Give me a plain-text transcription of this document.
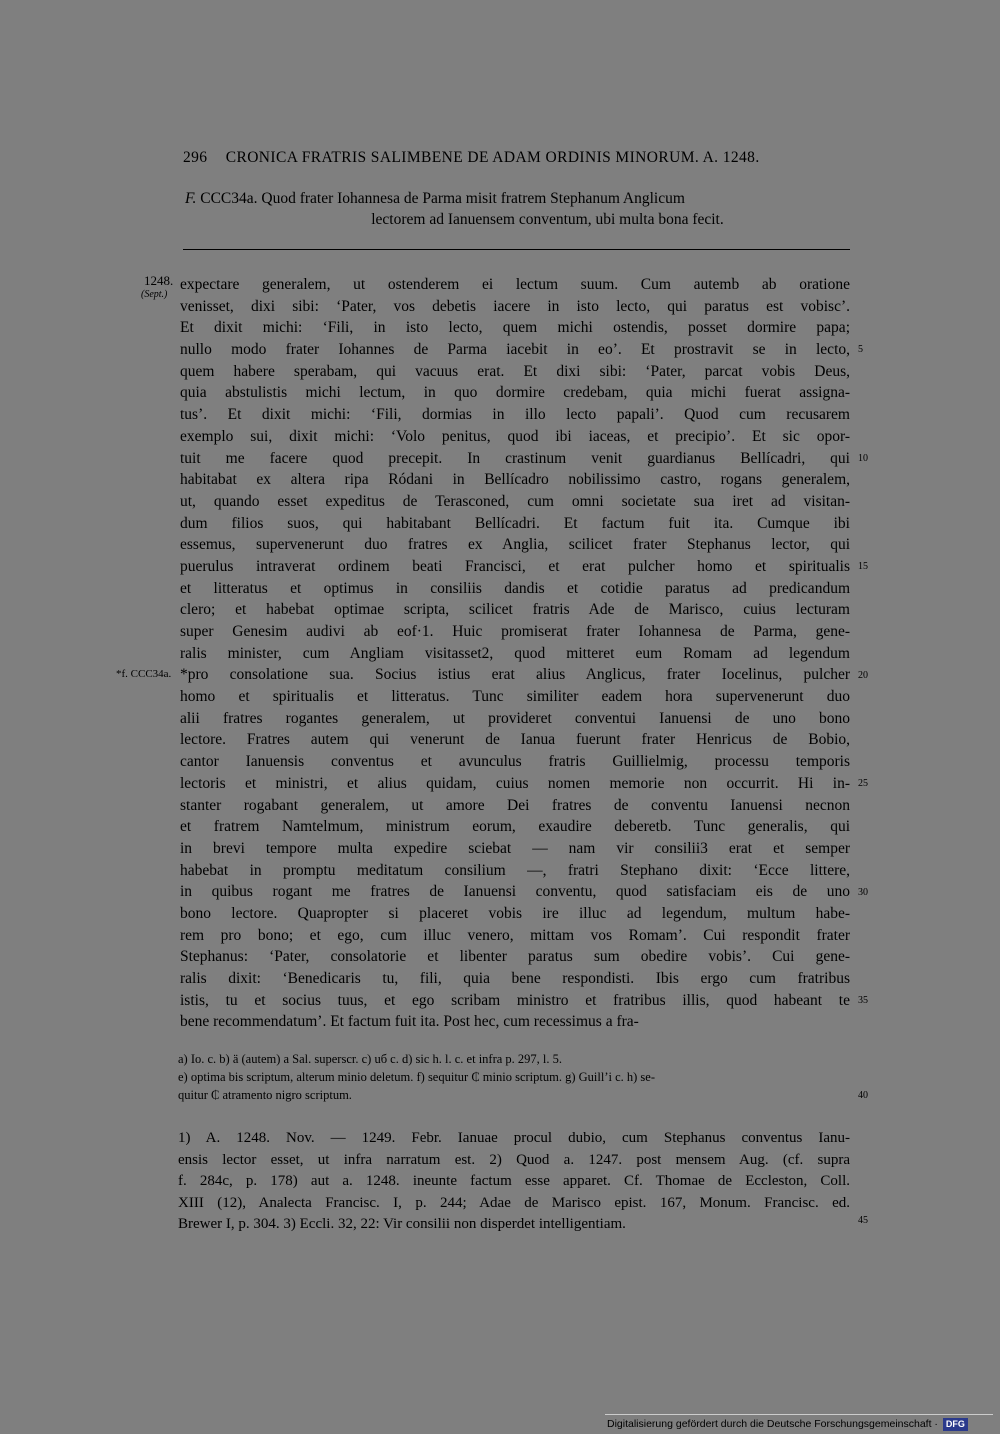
296 CRONICA FRATRIS SALIMBENE DE ADAM ORDINIS MINORUM. A. 1248.
F. CCC34a. Quod frater Iohannesa de Parma misit fratrem Stephanum Anglicum
lectorem ad Ianuensem conventum, ubi multa bona fecit.
1248.
(Sept.)
*f. CCC34a.
expectare generalem, ut ostenderem ei lectum suum. Cum autemb ab oratione
venisset, dixi sibi: ‘Pater, vos debetis iacere in isto lecto, qui paratus est vobisc’.
Et dixit michi: ‘Fili, in isto lecto, quem michi ostendis, posset dormire papa;
nullo modo frater Iohannes de Parma iacebit in eo’. Et prostravit se in lecto,
quem habere sperabam, qui vacuus erat. Et dixi sibi: ‘Pater, parcat vobis Deus,
quia abstulistis michi lectum, in quo dormire credebam, quia michi fuerat assigna-
tus’. Et dixit michi: ‘Fili, dormias in illo lecto papali’. Quod cum recusarem
exemplo sui, dixit michi: ‘Volo penitus, quod ibi iaceas, et precipio’. Et sic opor-
tuit me facere quod precepit. In crastinum venit guardianus Bellícadri, qui
habitabat ex altera ripa Ródani in Bellícadro nobilissimo castro, rogans generalem,
ut, quando esset expeditus de Terasconed, cum omni societate sua iret ad visitan-
dum filios suos, qui habitabant Bellícadri. Et factum fuit ita. Cumque ibi
essemus, supervenerunt duo fratres ex Anglia, scilicet frater Stephanus lector, qui
puerulus intraverat ordinem beati Francisci, et erat pulcher homo et spiritualis
et litteratus et optimus in consiliis dandis et cotidie paratus ad predicandum
clero; et habebat optimae scripta, scilicet fratris Ade de Marisco, cuius lecturam
super Genesim audivi ab eof·1. Huic promiserat frater Iohannesa de Parma, gene-
ralis minister, cum Angliam visitasset2, quod mitteret eum Romam ad legendum
*pro consolatione sua. Socius istius erat alius Anglicus, frater Iocelinus, pulcher
homo et spiritualis et litteratus. Tunc similiter eadem hora supervenerunt duo
alii fratres rogantes generalem, ut provideret conventui Ianuensi de uno bono
lectore. Fratres autem qui venerunt de Ianua fuerunt frater Henricus de Bobio,
cantor Ianuensis conventus et avunculus fratris Guillielmig, processu temporis
lectoris et ministri, et alius quidam, cuius nomen memorie non occurrit. Hi in-
stanter rogabant generalem, ut amore Dei fratres de conventu Ianuensi necnon
et fratrem Namtelmum, ministrum eorum, exaudire deberetb. Tunc generalis, qui
in brevi tempore multa expedire sciebat — nam vir consilii3 erat et semper
habebat in promptu meditatum consilium —, fratri Stephano dixit: ‘Ecce littere,
in quibus rogant me fratres de Ianuensi conventu, quod satisfaciam eis de uno
bono lectore. Quapropter si placeret vobis ire illuc ad legendum, multum habe-
rem pro bono; et ego, cum illuc venero, mittam vos Romam’. Cui respondit frater
Stephanus: ‘Pater, consolatorie et libenter paratus sum obedire vobis’. Cui gene-
ralis dixit: ‘Benedicaris tu, fili, quia bene respondisti. Ibis ergo cum fratribus
istis, tu et socius tuus, et ego scribam ministro et fratribus illis, quod habeant te
bene recommendatum’. Et factum fuit ita. Post hec, cum recessimus a fra-
5
10
15
20
25
30
35
a) Io. c. b) ä (autem) a Sal. superscr. c) uб c. d) sic h. l. c. et infra p. 297, l. 5.
e) optima bis scriptum, alterum minio deletum. f) sequitur ₵ minio scriptum. g) Guill’i c. h) se-
quitur ₵ atramento nigro scriptum.	40
1) A. 1248. Nov. — 1249. Febr. Ianuae procul dubio, cum Stephanus conventus Ianu-
ensis lector esset, ut infra narratum est. 2) Quod a. 1247. post mensem Aug. (cf. supra
f. 284c, p. 178) aut a. 1248. ineunte factum esse apparet. Cf. Thomae de Eccleston, Coll.
XIII (12), Analecta Francisc. I, p. 244; Adae de Marisco epist. 167, Monum. Francisc. ed.
Brewer I, p. 304. 3) Eccli. 32, 22: Vir consilii non disperdet intelligentiam.	45
Digitalisierung gefördert durch die Deutsche Forschungsgemeinschaft · DFG
